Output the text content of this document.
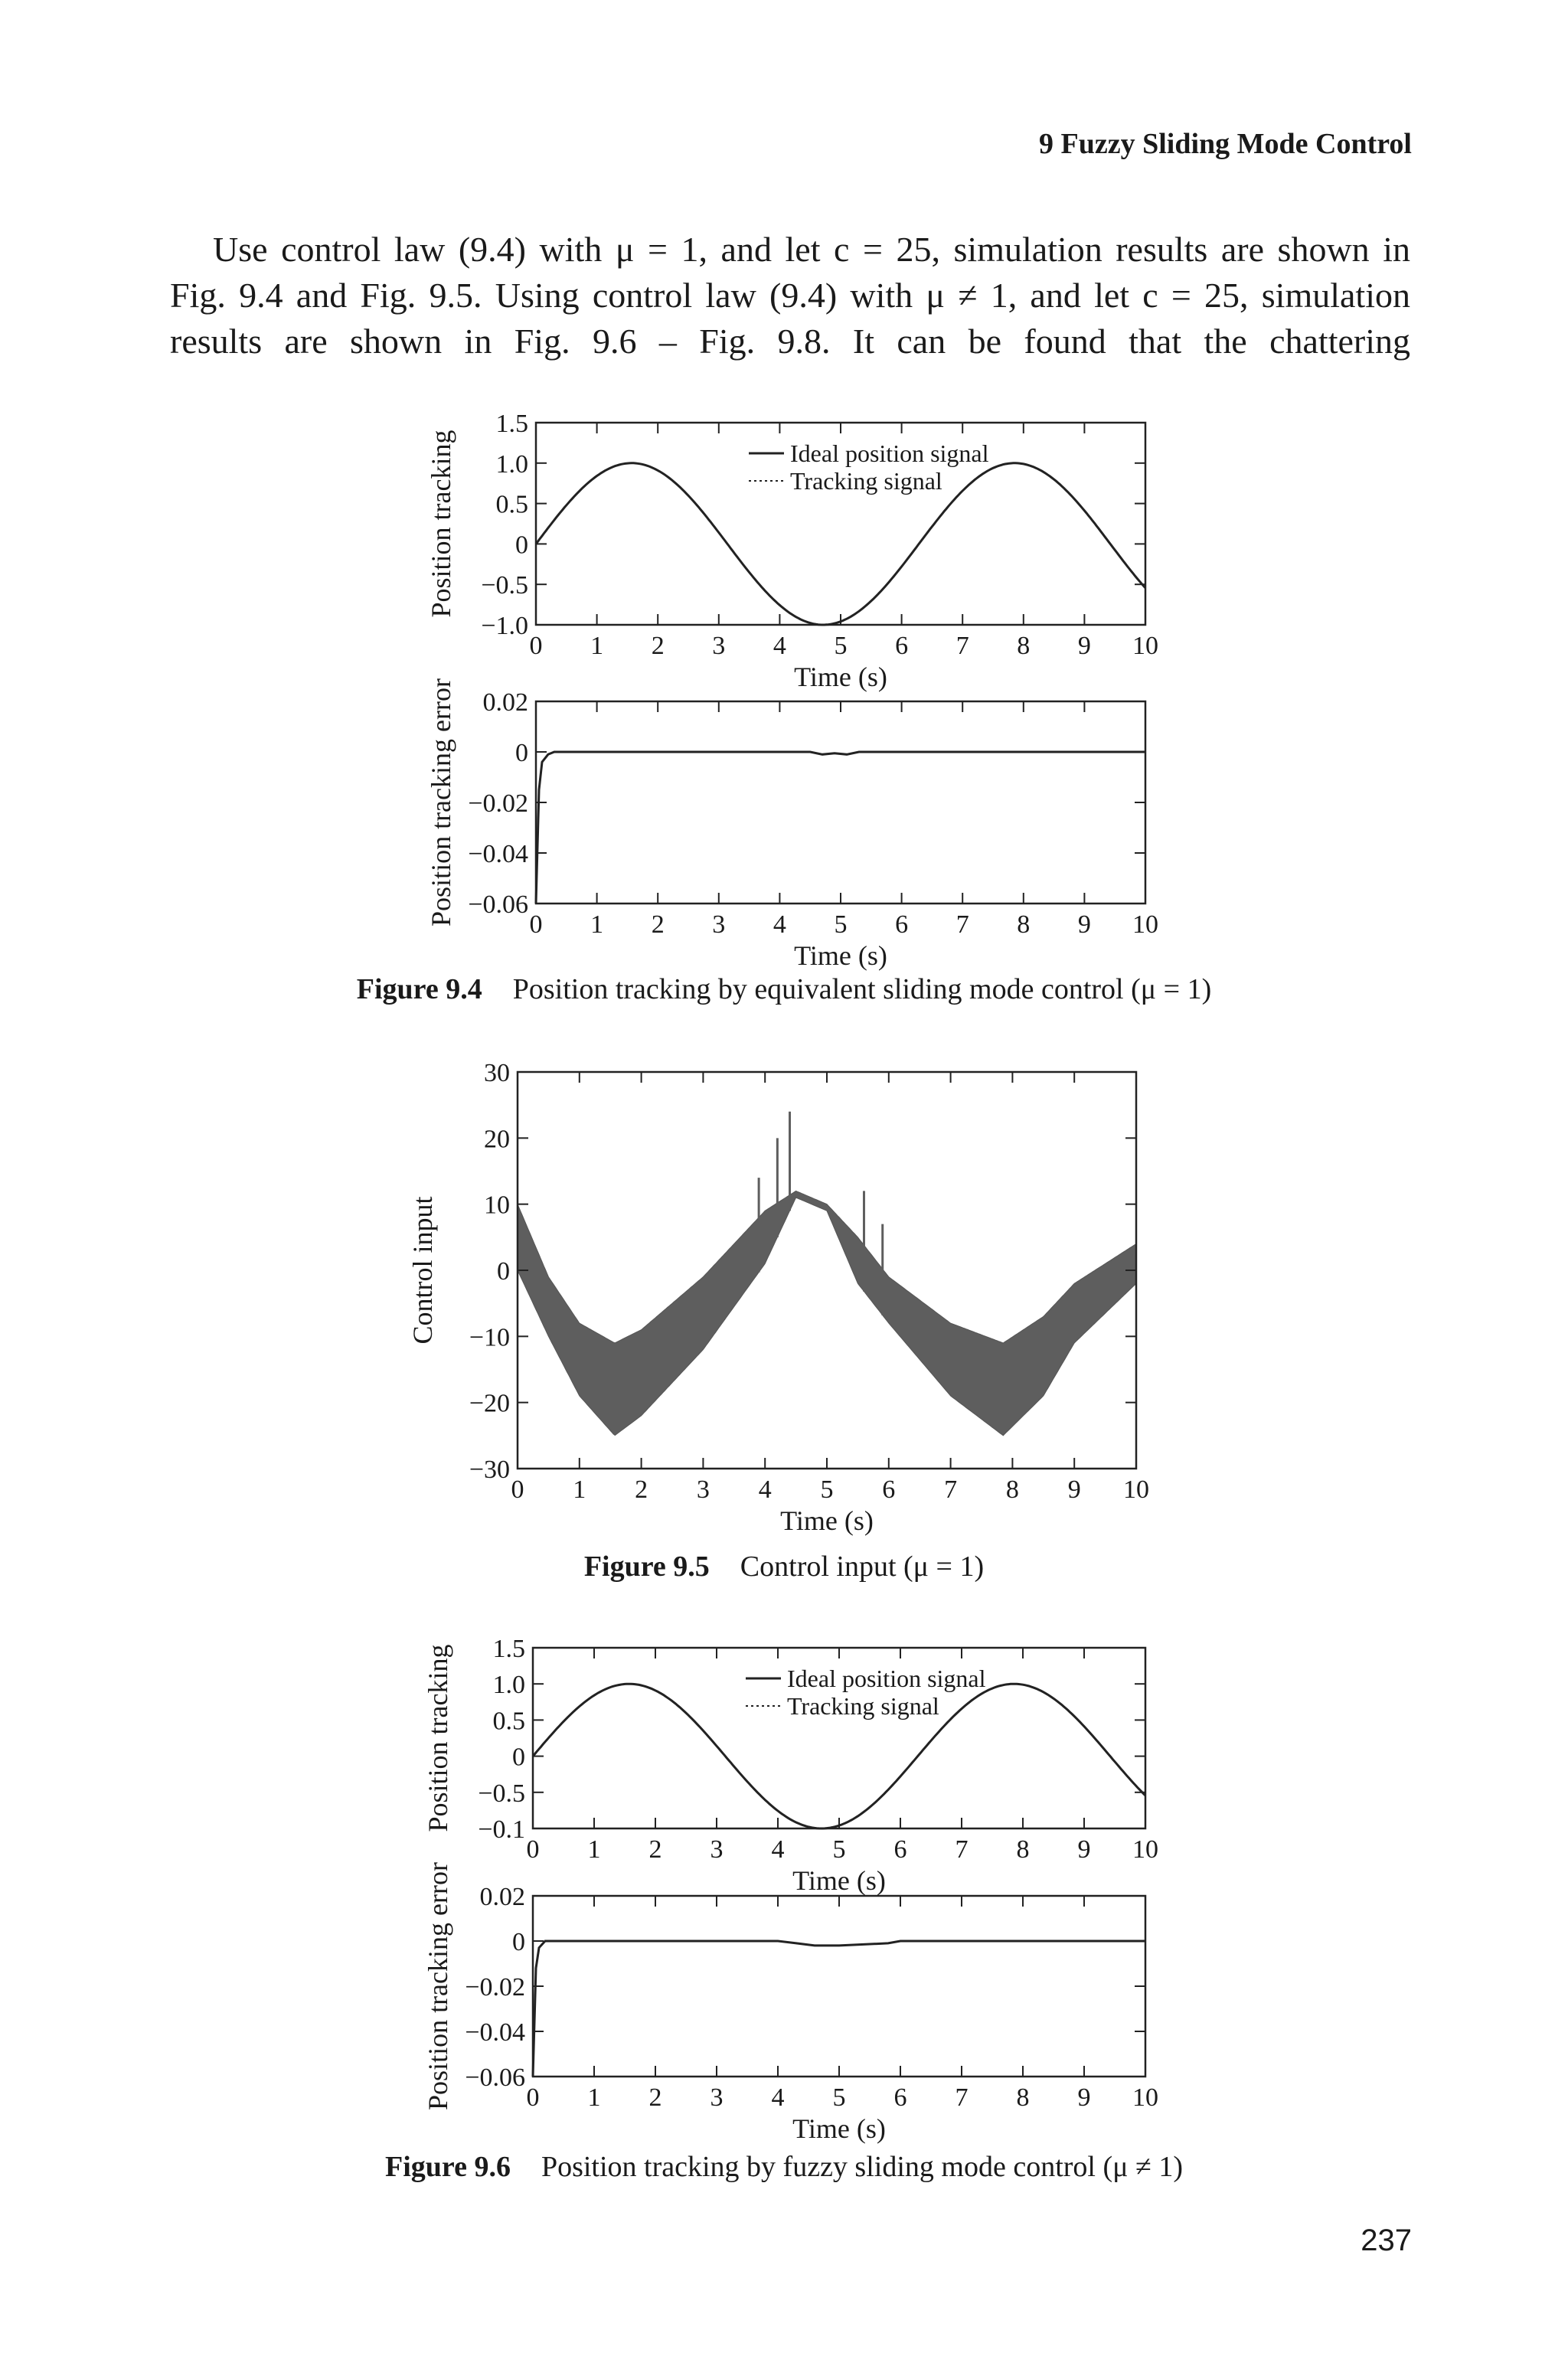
9 Fuzzy Sliding Mode Control

Use control law (9.4) with μ = 1, and let c = 25, simulation results are shown in

Fig. 9.4 and Fig. 9.5. Using control law (9.4) with μ ≠ 1, and let c = 25, simulation

results are shown in Fig. 9.6 – Fig. 9.8. It can be found that the chattering

0 1 2 3 4 5 6 7 8 9 10
1.5
1.0
0.5
0
−0.5
−1.0
Time (s)
Position tracking	Ideal position signal
Tracking signal
0 1 2 3 4 5 6 7 8 9 10
0.02
0
−0.02
−0.04
−0.06
Time (s)
Position tracking error
0 1 2 3 4 5 6 7 8 9 10
30
20
10
0
−10
−20
−30
Time (s)
Control input
0 1 2 3 4 5 6 7 8 9 10
1.5
1.0
0.5
0
−0.5
−0.1
Time (s)
Position tracking	Ideal position signal
Tracking signal
0 1 2 3 4 5 6 7 8 9 10
0.02
0
−0.02
−0.04
−0.06
Time (s)
Position tracking error
Figure 9.4 Position tracking by equivalent sliding mode control (μ = 1)
Figure 9.5 Control input (μ = 1)
Figure 9.6 Position tracking by fuzzy sliding mode control (μ ≠ 1)
237
